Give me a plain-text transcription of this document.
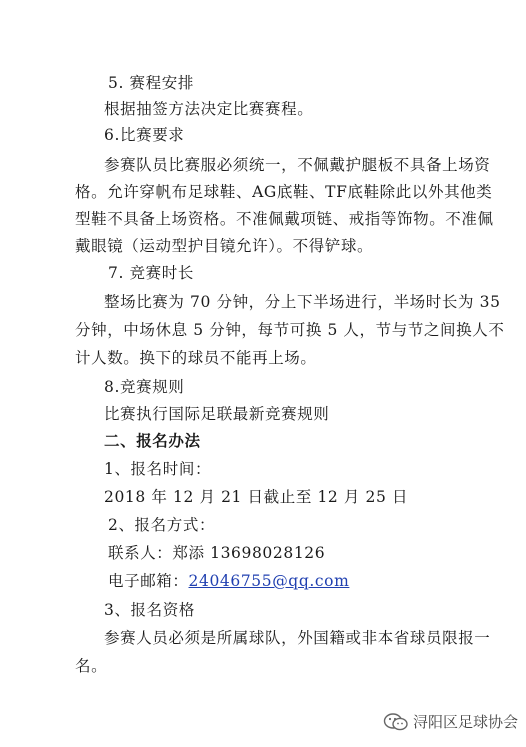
5. 赛程安排
根据抽签方法决定比赛赛程。
6.比赛要求
参赛队员比赛服必须统一，不佩戴护腿板不具备上场资
格。允许穿帆布足球鞋、AG底鞋、TF底鞋除此以外其他类
型鞋不具备上场资格。不准佩戴项链、戒指等饰物。不准佩
戴眼镜（运动型护目镜允许）。不得铲球。
7. 竞赛时长
整场比赛为 70 分钟，分上下半场进行，半场时长为 35
分钟，中场休息 5 分钟，每节可换 5 人，节与节之间换人不
计人数。换下的球员不能再上场。
8.竞赛规则
比赛执行国际足联最新竞赛规则
二、报名办法
1、报名时间：
2018 年 12 月 21 日截止至 12 月 25 日
2、报名方式：
联系人：郑添 13698028126
电子邮箱：24046755@qq.com
3、报名资格
参赛人员必须是所属球队，外国籍或非本省球员限报一
名。
浔阳区足球协会
